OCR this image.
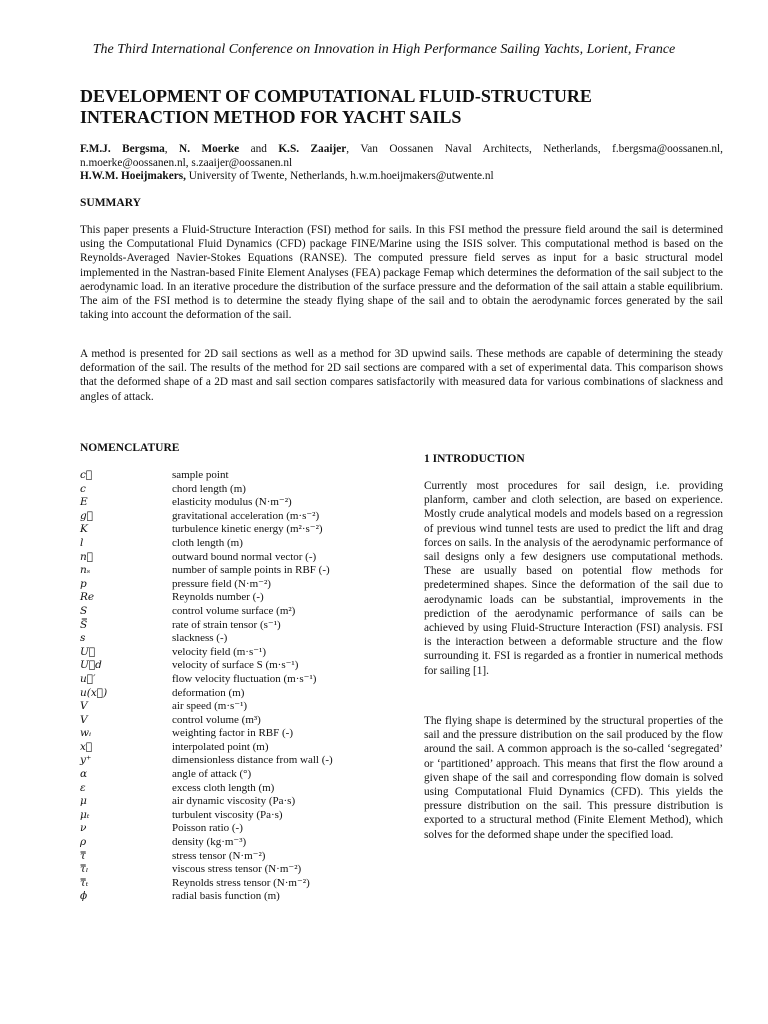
The Third International Conference on Innovation in High Performance Sailing Yachts, Lorient, France
DEVELOPMENT OF COMPUTATIONAL FLUID-STRUCTURE
INTERACTION METHOD FOR YACHT SAILS

F.M.J. Bergsma, N. Moerke and K.S. Zaaijer, Van Oossanen Naval Architects, Netherlands, f.bergsma@oossanen.nl, n.moerke@oossanen.nl, s.zaaijer@oossanen.nl
H.W.M. Hoeijmakers, University of Twente, Netherlands, h.w.m.hoeijmakers@utwente.nl

SUMMARY

This paper presents a Fluid-Structure Interaction (FSI) method for sails. In this FSI method the pressure field around the sail is determined using the Computational Fluid Dynamics (CFD) package FINE/Marine using the ISIS solver. This computational method is based on the Reynolds-Averaged Navier-Stokes Equations (RANSE). The computed pressure field serves as input for a basic structural model implemented in the Nastran-based Finite Element Analyses (FEA) package Femap which determines the deformation of the sail subject to the aerodynamic load. In an iterative procedure the distribution of the surface pressure and the deformation of the sail attain a stable equilibrium. The aim of the FSI method is to determine the steady flying shape of the sail and to obtain the aerodynamic forces generated by the sail taking into account the deformation of the sail.

A method is presented for 2D sail sections as well as a method for 3D upwind sails. These methods are capable of determining the steady deformation of the sail. The results of the method for 2D sail sections are compared with a set of experimental data. This comparison shows that the deformed shape of a 2D mast and sail section compares satisfactorily with measured data for various combinations of slackness and angles of attack.

NOMENCLATURE
c⃗	sample point
c	chord length (m)
E	elasticity modulus (N·m⁻²)
g⃗	gravitational acceleration (m·s⁻²)
K	turbulence kinetic energy (m²·s⁻²)
l	cloth length (m)
n⃗	outward bound normal vector (-)
nₛ	number of sample points in RBF (-)
p	pressure field (N·m⁻²)
Re	Reynolds number (-)
S	control volume surface (m²)
S̿	rate of strain tensor (s⁻¹)
s	slackness (-)
U⃗	velocity field (m·s⁻¹)
U⃗d	velocity of surface S (m·s⁻¹)
u⃗′	flow velocity fluctuation (m·s⁻¹)
u(x⃗)	deformation (m)
V	air speed (m·s⁻¹)
V	control volume (m³)
wᵢ	weighting factor in RBF (-)
x⃗	interpolated point (m)
y⁺	dimensionless distance from wall (-)
α	angle of attack (°)
ε	excess cloth length (m)
μ	air dynamic viscosity (Pa·s)
μₜ	turbulent viscosity (Pa·s)
ν	Poisson ratio (-)
ρ	density (kg·m⁻³)
τ̿	stress tensor (N·m⁻²)
τ̿ₗ	viscous stress tensor (N·m⁻²)
τ̿ₜ	Reynolds stress tensor (N·m⁻²)
ϕ	radial basis function (m)
1 INTRODUCTION

Currently most procedures for sail design, i.e. providing planform, camber and cloth selection, are based on experience. Mostly crude analytical models and models based on a regression of previous wind tunnel tests are used to predict the lift and drag forces on sails. In the analysis of the aerodynamic performance of sail designs only a few designers use computational methods. These are usually based on potential flow methods for predetermined shapes. Since the deformation of the sail due to aerodynamic loads can be substantial, improvements in the prediction of the aerodynamic performance of sails can be achieved by using Fluid-Structure Interaction (FSI) analysis. FSI is the interaction between a deformable structure and the flow surrounding it. FSI is regarded as a frontier in numerical methods for sailing [1].

The flying shape is determined by the structural properties of the sail and the pressure distribution on the sail produced by the flow around the sail. A common approach is the so-called ‘segregated’ or ‘partitioned’ approach. This means that first the flow around a given shape of the sail and corresponding flow domain is solved using Computational Fluid Dynamics (CFD). This yields the pressure distribution on the sail. This pressure distribution is exported to a structural method (Finite Element Method), which solves for the deformed shape under the specified load.
